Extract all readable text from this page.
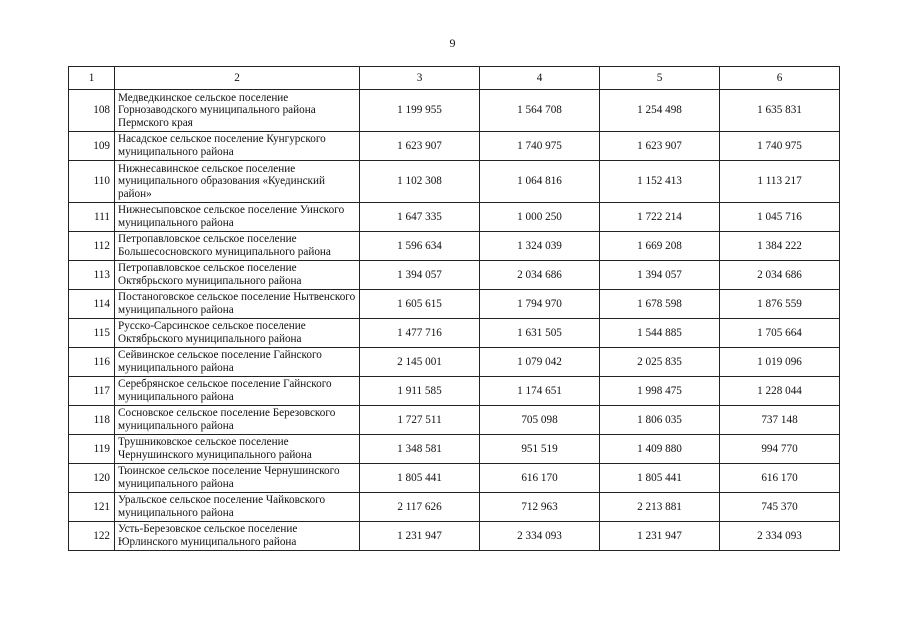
9
1	2	3	4	5	6
108	Медведкинское сельское поселение Горнозаводского муниципального района Пермского края	1 199 955	1 564 708	1 254 498	1 635 831
109	Насадское сельское поселение Кунгурского муниципального района	1 623 907	1 740 975	1 623 907	1 740 975
110	Нижнесавинское сельское поселение муниципального образования «Куединский район»	1 102 308	1 064 816	1 152 413	1 113 217
111	Нижнесыповское сельское поселение Уинского муниципального района	1 647 335	1 000 250	1 722 214	1 045 716
112	Петропавловское сельское поселение Большесосновского муниципального района	1 596 634	1 324 039	1 669 208	1 384 222
113	Петропавловское сельское поселение Октябрьского муниципального района	1 394 057	2 034 686	1 394 057	2 034 686
114	Постаноговское сельское поселение Нытвенского муниципального района	1 605 615	1 794 970	1 678 598	1 876 559
115	Русско-Сарсинское сельское поселение Октябрьского муниципального района	1 477 716	1 631 505	1 544 885	1 705 664
116	Сейвинское сельское поселение Гайнского муниципального района	2 145 001	1 079 042	2 025 835	1 019 096
117	Серебрянское сельское поселение Гайнского муниципального района	1 911 585	1 174 651	1 998 475	1 228 044
118	Сосновское сельское поселение Березовского муниципального района	1 727 511	705 098	1 806 035	737 148
119	Трушниковское сельское поселение Чернушинского муниципального района	1 348 581	951 519	1 409 880	994 770
120	Тюинское сельское поселение Чернушинского муниципального района	1 805 441	616 170	1 805 441	616 170
121	Уральское сельское поселение Чайковского муниципального района	2 117 626	712 963	2 213 881	745 370
122	Усть-Березовское сельское поселение Юрлинского муниципального района	1 231 947	2 334 093	1 231 947	2 334 093
